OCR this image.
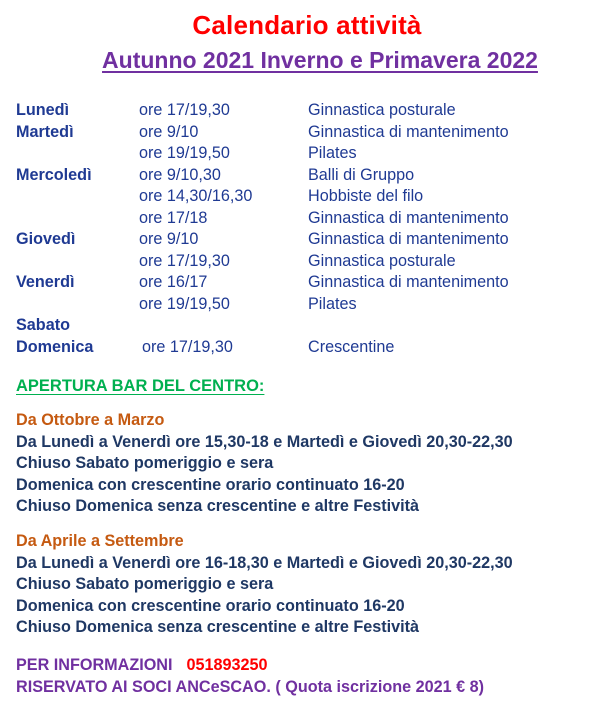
Calendario attività
Autunno 2021 Inverno e Primavera 2022
Lunedì	ore 17/19,30	Ginnastica posturale
Martedì	ore 9/10	Ginnastica di mantenimento
ore 19/19,50	Pilates
Mercoledì	ore 9/10,30	Balli di Gruppo
ore 14,30/16,30	Hobbiste del filo
ore 17/18	Ginnastica di mantenimento
Giovedì	ore 9/10	Ginnastica di mantenimento
ore 17/19,30	Ginnastica posturale
Venerdì	ore 16/17	Ginnastica di mantenimento
ore 19/19,50	Pilates
Sabato
Domenica	ore 17/19,30	Crescentine
APERTURA BAR DEL CENTRO:
Da Ottobre a Marzo
Da Lunedì a Venerdì ore 15,30-18 e Martedì e Giovedì 20,30-22,30
Chiuso Sabato pomeriggio e sera
Domenica con crescentine orario continuato 16-20
Chiuso Domenica senza crescentine e altre Festività
Da Aprile a Settembre
Da Lunedì a Venerdì ore 16-18,30 e Martedì e Giovedì 20,30-22,30
Chiuso Sabato pomeriggio e sera
Domenica con crescentine orario continuato 16-20
Chiuso Domenica senza crescentine e altre Festività
PER INFORMAZIONI 051893250
RISERVATO AI SOCI ANCeSCAO. ( Quota iscrizione 2021 € 8)
